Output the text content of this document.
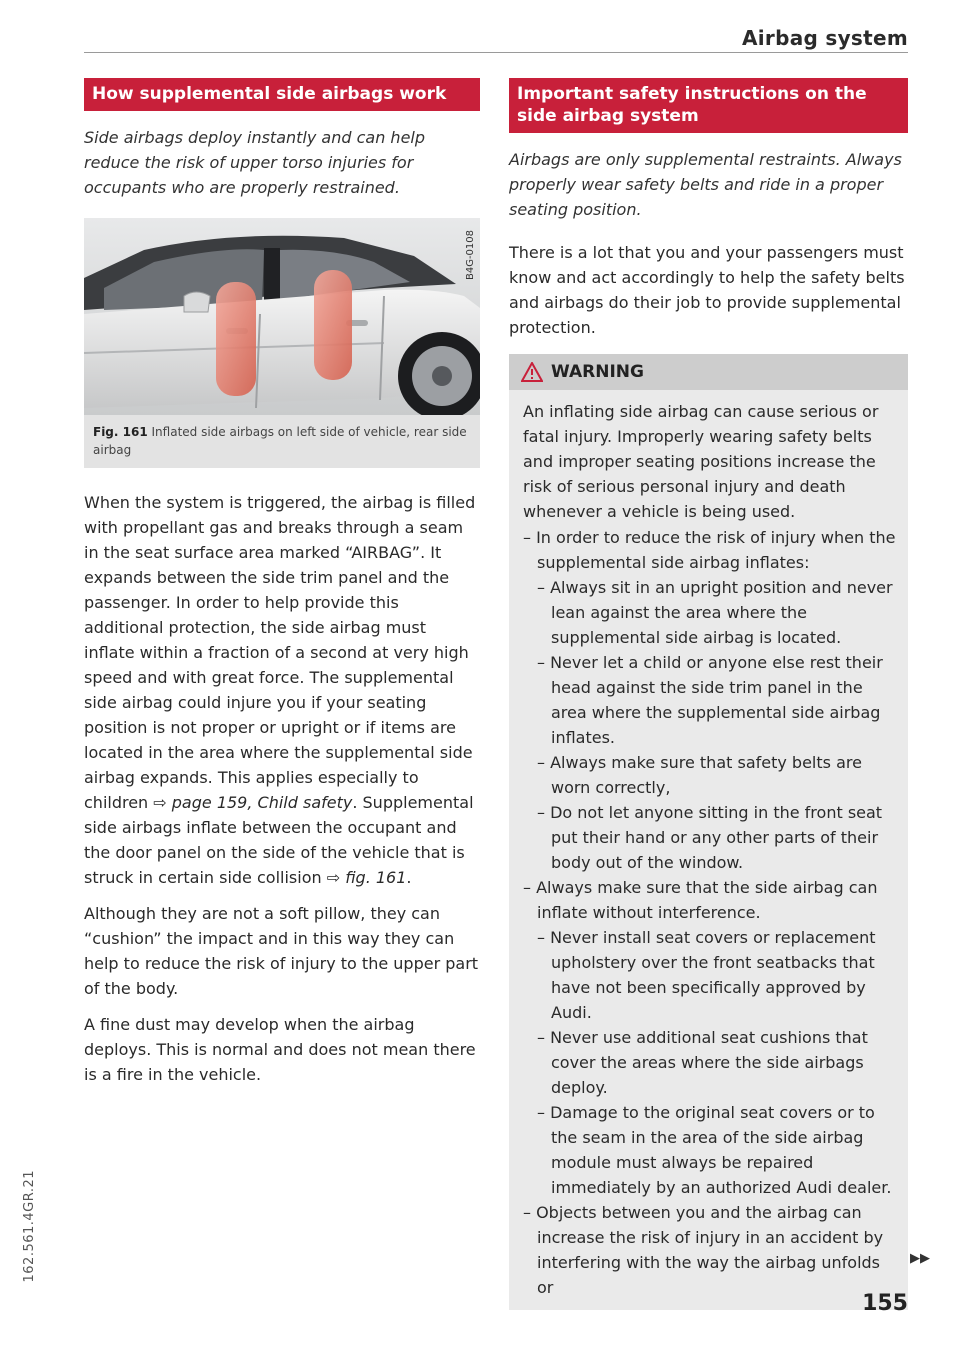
Airbag system
How supplemental side airbags work

Side airbags deploy instantly and can help reduce the risk of upper torso injuries for occupants who are properly restrained.

B4G-0108
Fig. 161 Inflated side airbags on left side of vehicle, rear side airbag

When the system is triggered, the airbag is filled with propellant gas and breaks through a seam in the seat surface area marked “AIRBAG”. It expands between the side trim panel and the passenger. In order to help provide this additional protection, the side airbag must inflate within a fraction of a second at very high speed and with great force. The supplemental side airbag could injure you if your seating position is not proper or upright or if items are located in the area where the supplemental side airbag expands. This applies especially to children ⇨ page 159, Child safety. Supplemental side airbags inflate between the occupant and the door panel on the side of the vehicle that is struck in certain side collision ⇨ fig. 161.

Although they are not a soft pillow, they can “cushion” the impact and in this way they can help to reduce the risk of injury to the upper part of the body.

A fine dust may develop when the airbag deploys. This is normal and does not mean there is a fire in the vehicle.

Important safety instructions on the side airbag system

Airbags are only supplemental restraints. Always properly wear safety belts and ride in a proper seating position.

There is a lot that you and your passengers must know and act accordingly to help the safety belts and airbags do their job to provide supplemental protection.

WARNING

An inflating side airbag can cause serious or fatal injury. Improperly wearing safety belts and improper seating positions increase the risk of serious personal injury and death whenever a vehicle is being used.

– In order to reduce the risk of injury when the supplemental side airbag inflates:

– Always sit in an upright position and never lean against the area where the supplemental side airbag is located.

– Never let a child or anyone else rest their head against the side trim panel in the area where the supplemental side airbag inflates.

– Always make sure that safety belts are worn correctly,

– Do not let anyone sitting in the front seat put their hand or any other parts of their body out of the window.

– Always make sure that the side airbag can inflate without interference.

– Never install seat covers or replacement upholstery over the front seatbacks that have not been specifically approved by Audi.

– Never use additional seat cushions that cover the areas where the side airbags deploy.

– Damage to the original seat covers or to the seam in the area of the side airbag module must always be repaired immediately by an authorized Audi dealer.

– Objects between you and the airbag can increase the risk of injury in an accident by interfering with the way the airbag unfolds or

▶▶
155
162.561.4GR.21
